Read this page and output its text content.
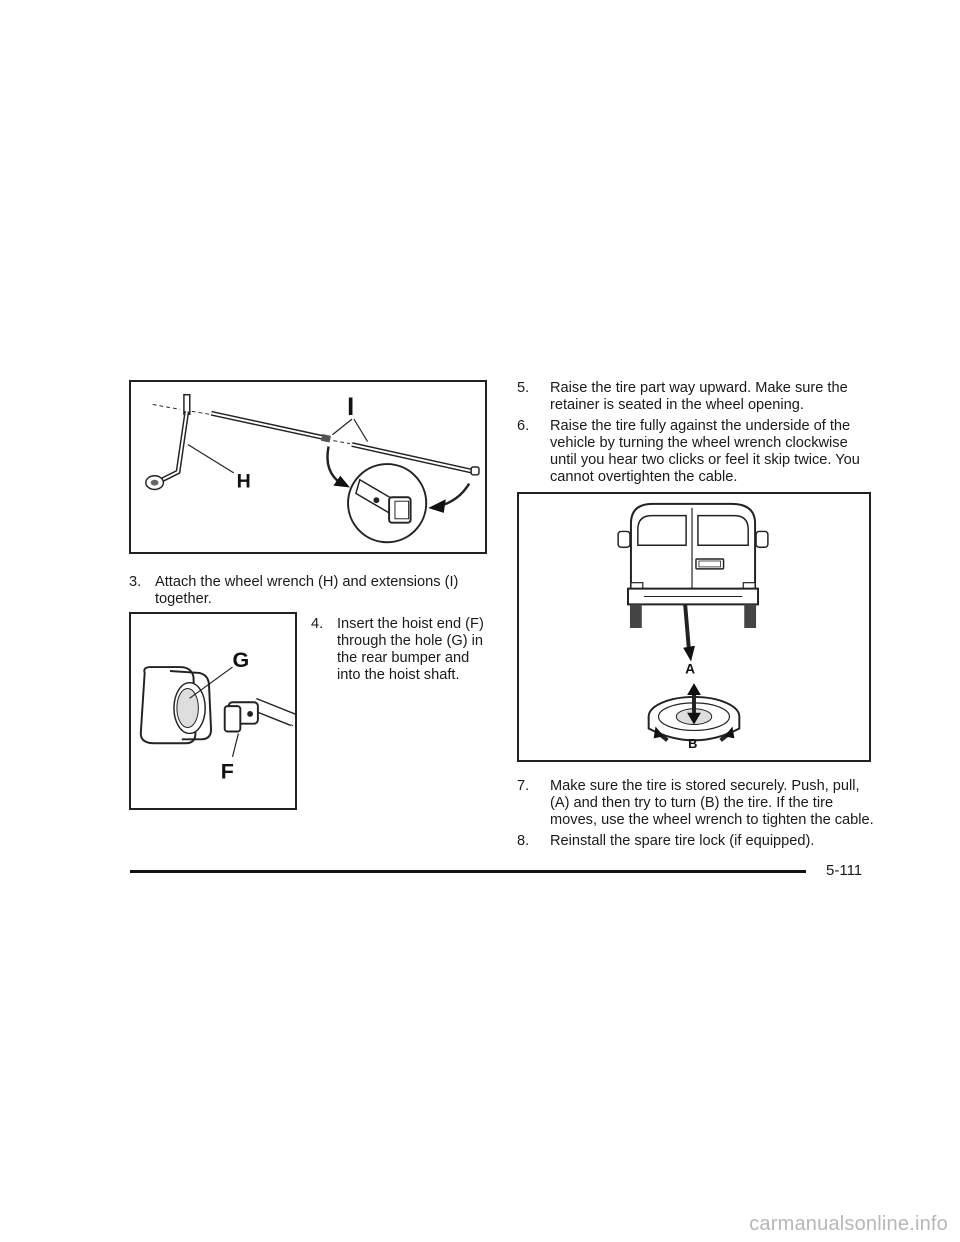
I
H
3. Attach the wheel wrench (H) and extensions (I) together.
G
F
4. Insert the hoist end (F) through the hole (G) in the rear bumper and into the hoist shaft.
5.	Raise the tire part way upward. Make sure the retainer is seated in the wheel opening.
6.	Raise the tire fully against the underside of the vehicle by turning the wheel wrench clockwise until you hear two clicks or feel it skip twice. You cannot overtighten the cable.
A
B
7.	Make sure the tire is stored securely. Push, pull, (A) and then try to turn (B) the tire. If the tire moves, use the wheel wrench to tighten the cable.
8.	Reinstall the spare tire lock (if equipped).
5-111
carmanualsonline.info
